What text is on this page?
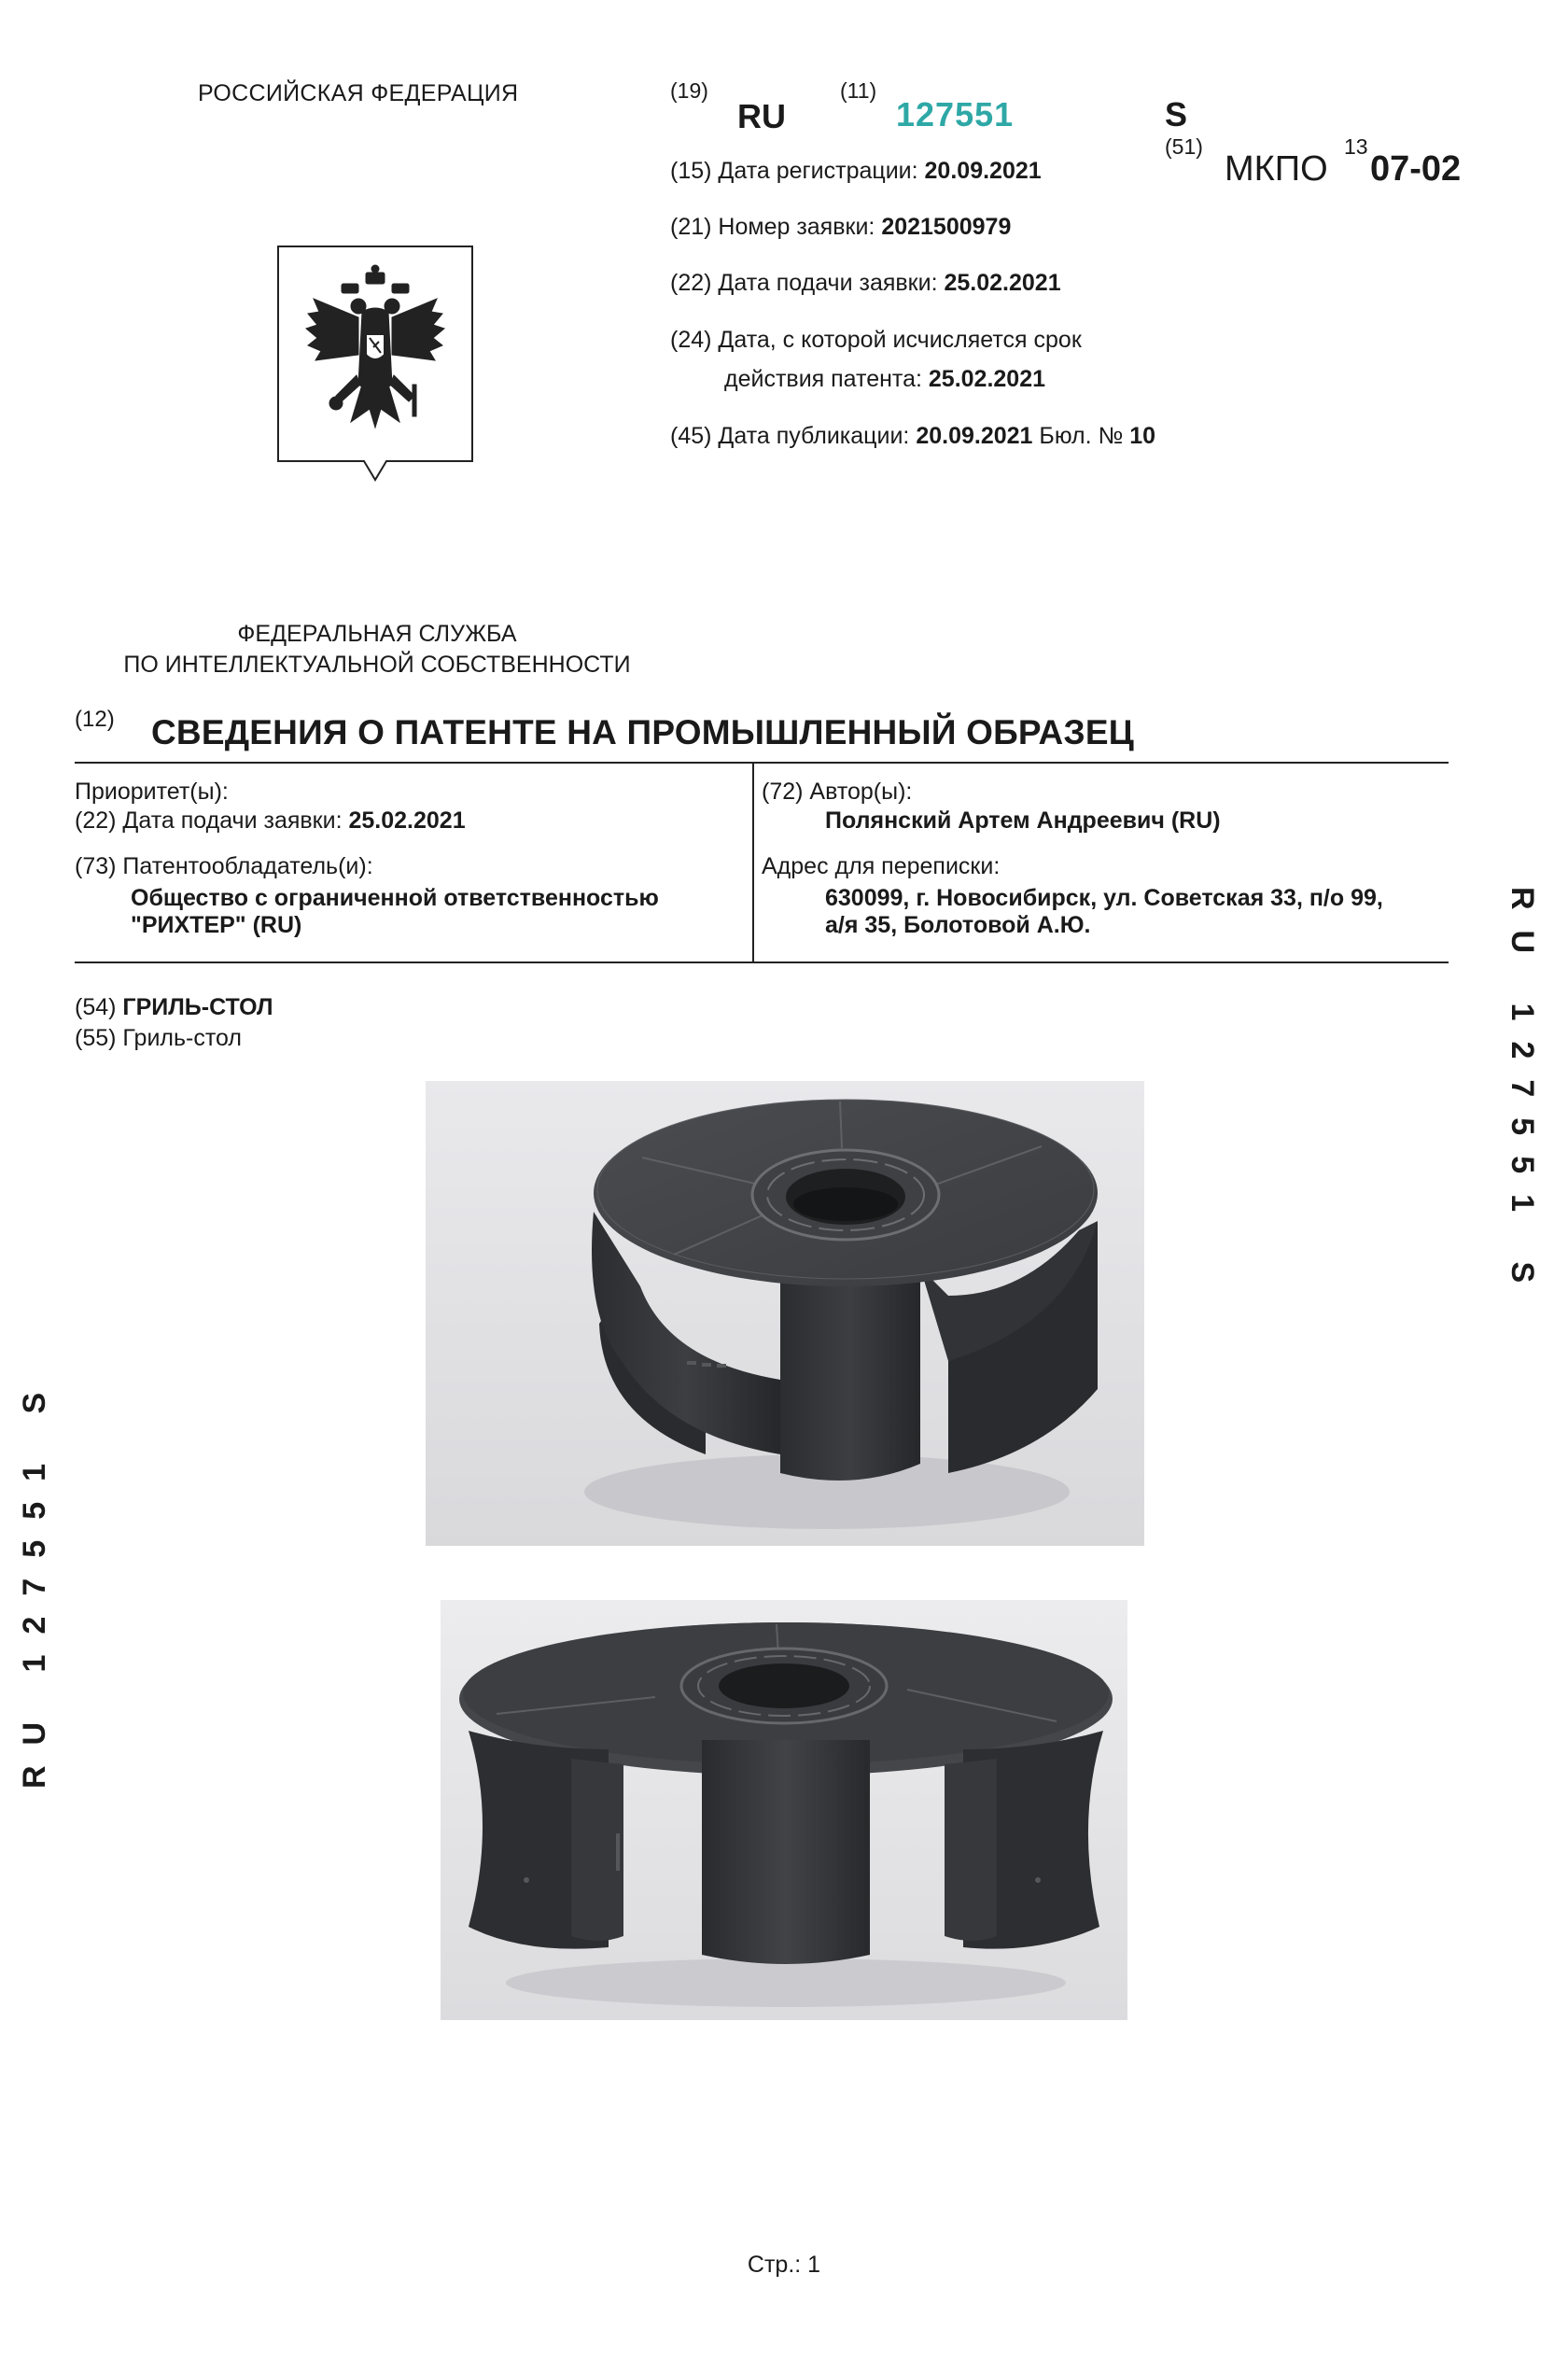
РОССИЙСКАЯ ФЕДЕРАЦИЯ	(19)
RU
(11)
127551	S
(51)
МКПО
13
07-02
(15) Дата регистрации: 20.09.2021
(21) Номер заявки: 2021500979
(22) Дата подачи заявки: 25.02.2021
(24) Дата, с которой исчисляется срок
действия патента: 25.02.2021
(45) Дата публикации: 20.09.2021 Бюл. № 10
ФЕДЕРАЛЬНАЯ СЛУЖБА
ПО ИНТЕЛЛЕКТУАЛЬНОЙ СОБСТВЕННОСТИ
(12) СВЕДЕНИЯ О ПАТЕНТЕ НА ПРОМЫШЛЕННЫЙ ОБРАЗЕЦ
Приоритет(ы):
(22) Дата подачи заявки: 25.02.2021
(73) Патентообладатель(и):
Общество с ограниченной ответственностью
"РИХТЕР" (RU)
(72) Автор(ы):
Полянский Артем Андреевич (RU)
Адрес для переписки:
630099, г. Новосибирск, ул. Советская 33, п/о 99,
а/я 35, Болотовой А.Ю.
(54) ГРИЛЬ-СТОЛ
(55) Гриль-стол	RU 127551 S
RU 127551 S
Стр.: 1
